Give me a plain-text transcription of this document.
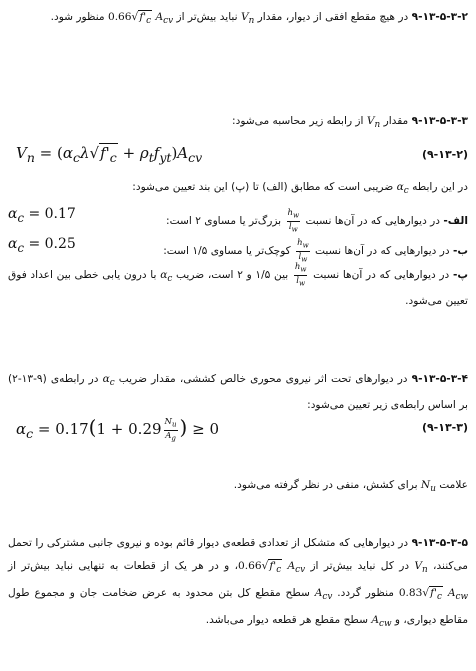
۹-۱۳-۵-۳-۲ در هیچ مقطع افقی از دیوار، مقدار $V_n$ نباید بیش‌تر از $0.66√f'_c$ $A_{cv}$ منظور شود.
۹-۱۳-۵-۳-۳ مقدار $V_n$ از رابطه زیر محاسبه می‌شود:
$V_n = (\alpha_c\lambda√f'_c + \rho_tf_{yt})A_{cv}$	(۹-۱۳-۲)
در این رابطه $\alpha_c$ ضریبی است که مطابق (الف) تا (پ) این بند تعیین می‌شود:
الف- در دیوارهایی که در آن‌ها نسبت
$\frac{h_w}{l_w}$
بزرگ‌تر یا مساوی ۲ است:
$\alpha_c = 0.17$
ب- در دیوارهایی که در آن‌ها نسبت
$\frac{h_w}{l_w}$
کوچک‌تر یا مساوی ۱/۵ است:
$\alpha_c = 0.25$
پ- در دیوارهایی که در آن‌ها نسبت
$\frac{h_w}{l_w}$
بین ۱/۵ و ۲ است، ضریب $\alpha_c$ با درون یابی خطی بین اعداد فوق تعیین می‌شود.
۹-۱۳-۵-۳-۴ در دیوارهای تحت اثر نیروی محوری خالص کششی، مقدار ضریب $\alpha_c$ در رابطه‌ی (۹-۱۳-۲) بر اساس رابطه‌ی زیر تعیین می‌شود:
$\alpha_c = 0.17(1 + 0.29 \frac{N_u}{A_g}$ ) ≥ 0	(۹-۱۳-۳)
علامت $N_u$ برای کشش، منفی در نظر گرفته می‌شود.
۹-۱۳-۵-۳-۵ در دیوارهایی که متشکل از تعدادی قطعه‌ی دیوار قائم بوده و نیروی جانبی مشترکی را تحمل می‌کنند، $V_n$ در کل نباید بیش‌تر از $0.66√f'_c$ $A_{cv}،$ و در هر یک از قطعات به تنهایی نباید بیش‌تر از $0.83√f'_c$ $A_{cw}$ منظور گردد. $A_{cv}$ سطح مقطع کل بتن محدود به عرض ضخامت جان و مجموع طول مقاطع دیواری، و $A_{cw}$ سطح مقطع هر قطعه دیوار می‌باشد.
